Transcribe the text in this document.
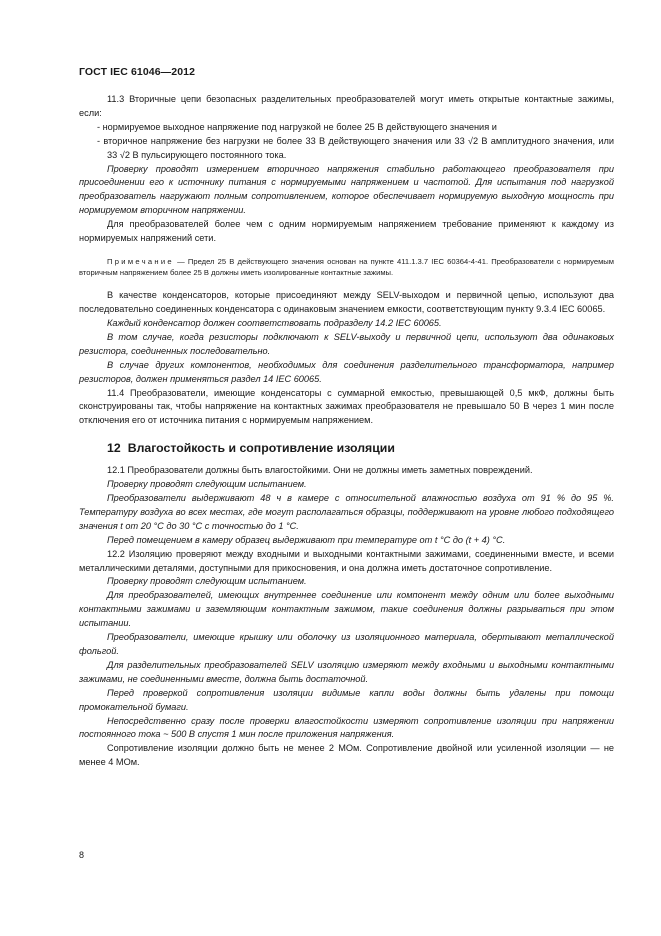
ГОСТ IEC 61046—2012

11.3 Вторичные цепи безопасных разделительных преобразователей могут иметь открытые контактные зажимы, если:

- нормируемое выходное напряжение под нагрузкой не более 25 В действующего значения и

- вторичное напряжение без нагрузки не более 33 В действующего значения или 33 √2 В амплитудного значения, или 33 √2 В пульсирующего постоянного тока.

Проверку проводят измерением вторичного напряжения стабильно работающего преобразователя при присоединении его к источнику питания с нормируемыми напряжением и частотой. Для испытания под нагрузкой преобразователь нагружают полным сопротивлением, которое обеспечивает нормируемую выходную мощность при нормируемом вторичном напряжении.

Для преобразователей более чем с одним нормируемым напряжением требование применяют к каждому из нормируемых напряжений сети.

Примечание — Предел 25 В действующего значения основан на пункте 411.1.3.7 IEC 60364-4-41. Преобразователи с нормируемым вторичным напряжением более 25 В должны иметь изолированные контактные зажимы.

В качестве конденсаторов, которые присоединяют между SELV-выходом и первичной цепью, используют два последовательно соединенных конденсатора с одинаковым значением емкости, соответствующим пункту 9.3.4 IEC 60065.

Каждый конденсатор должен соответствовать подразделу 14.2 IEC 60065.

В том случае, когда резисторы подключают к SELV-выходу и первичной цепи, используют два одинаковых резистора, соединенных последовательно.

В случае других компонентов, необходимых для соединения разделительного трансформатора, например резисторов, должен применяться раздел 14 IEC 60065.

11.4 Преобразователи, имеющие конденсаторы с суммарной емкостью, превышающей 0,5 мкФ, должны быть сконструированы так, чтобы напряжение на контактных зажимах преобразователя не превышало 50 В через 1 мин после отключения его от источника питания с нормируемым напряжением.

12 Влагостойкость и сопротивление изоляции

12.1 Преобразователи должны быть влагостойкими. Они не должны иметь заметных повреждений.

Проверку проводят следующим испытанием.

Преобразователи выдерживают 48 ч в камере с относительной влажностью воздуха от 91 % до 95 %. Температуру воздуха во всех местах, где могут располагаться образцы, поддерживают на уровне любого подходящего значения t от 20 °С до 30 °С с точностью до 1 °С.

Перед помещением в камеру образец выдерживают при температуре от t °С до (t + 4) °С.

12.2 Изоляцию проверяют между входными и выходными контактными зажимами, соединенными вместе, и всеми металлическими деталями, доступными для прикосновения, и она должна иметь достаточное сопротивление.

Проверку проводят следующим испытанием.

Для преобразователей, имеющих внутреннее соединение или компонент между одним или более выходными контактными зажимами и заземляющим контактным зажимом, такие соединения должны разрываться при этом испытании.

Преобразователи, имеющие крышку или оболочку из изоляционного материала, обертывают металлической фольгой.

Для разделительных преобразователей SELV изоляцию измеряют между входными и выходными контактными зажимами, не соединенными вместе, должна быть достаточной.

Перед проверкой сопротивления изоляции видимые капли воды должны быть удалены при помощи промокательной бумаги.

Непосредственно сразу после проверки влагостойкости измеряют сопротивление изоляции при напряжении постоянного тока ~ 500 В спустя 1 мин после приложения напряжения.

Сопротивление изоляции должно быть не менее 2 МОм. Сопротивление двойной или усиленной изоляции — не менее 4 МОм.

8
